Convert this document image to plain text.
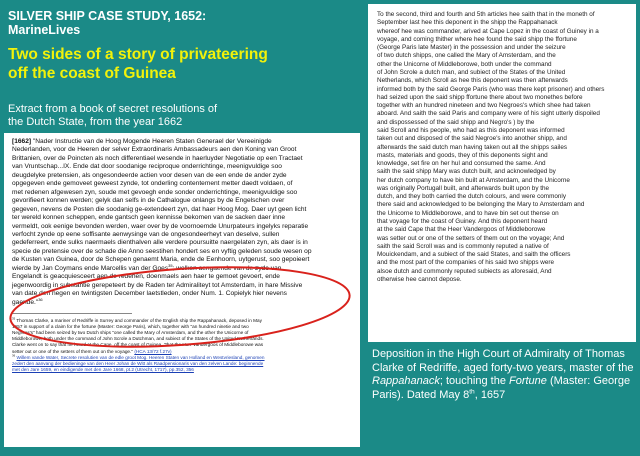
SILVER SHIP CASE STUDY, 1652:
MarineLives
Two sides of a story of privateering
off the coast of Guinea

Extract from a book of secret resolutions of
the Dutch State, from the year 1662

[1662] "Nader Instructie van de Hoog Mogende Heeren Staten Generael der Vereeinigde
Nederlanden, voor de Heeren der selver Extraordinaris Ambassadeurs aen den Koning van Groot
Brittanien, over de Poincten als noch differentiael wesende in haerluyder Negotiatie op een Tractaet
van Vruntschap...IX. Ende dat door soodanige reciproque onderrichtinge, meenigvuldige soo
deugdelyke pretensien, als ongesondeerde actien voor desen van de een ende de ander zyde
opgegeven ende gemoveet geweest zynde, tot onderling contentement metter daedt voldaen, of
met redenen afgewesen zyn, soude met gevoegh ende sonder onderrichtinge, meenigvuldige soo
gevorifieert konnen werden; gelyk dan selfs in de Cathalogue onlangs by de Engelschen over
gegeven, nevens de Posten die soodanig ge-extendeert zyn, dat haer Hoog Mog. Daer uyt geen licht
ter wereld konnen scheppen, ende gantsch geen kennisse bekomen van de sacken daer inne
vermeldt, ook eenige bevonden werden, waer over by de voornoemde Unurpateurs ingelyks reparatie
verfocht zynde op eene soffisante aenwysinge van de ongesondeerheyt van deselve, sullen
gedeferreert, ende sulks naermaels dienthalven alle verdere poursuitte naergelaten zyn, als daer is in
specie de pretensie over de schade die Anno seestihen hondert ses en vyftig geleden soude wesen op
de Kusten van Guinea, door de Schepen genaemt Maria, ende de Eenhoorn, uytgerust, soo gepoieert
wierde by Jan Coymans ende Marcellis van der Goes$^{35}$; welken aengaende van de zyde van
Engelandt is geacquiesceert aen de redenen, doenmaels aen haer te gemoet gevoert, ende
jegenwoordig in substantie gerepeteert by de Raden ter Admiraliteyt tot Amsterdam, in hare Missive
van date den negen en twintigsten December laetstleden, onder Num. 1. Copielyk hier nevens
gaende."$^{36}$

$^{35}$ Thomas Clarke, a mariner of Redriffe in Surrey and commander of the English ship the Rappahanack, deposed in May
1657 in support of a claim for the fortune (Master: George Paris), which, together with "an hundred ninetie and two
Negroes's" had been seized by two Dutch ships "one called the Mary of Amsterdam, and the other the Unicorne of
Middleborowe, both under the command of John Scrole a Dutchman, and subiect of the States of the United Netherlands.
Clarke went on to say that he heard at the Cape, off the coast of Guinea, "that the Herr Vandergoos of Middleborowe was
setter out or one of the setters of them out on the voyage." (HCA 13/72 f.27v)
$^{36}$ Willem vande Water, Secrete resolutien van de edle groot Mog. Heeren Staten van Holland en Westvriesland, genomen
zedert den aanvang der bedieninge van den Heer Johan de Witt als Raadpensionaris van den zelven Lande: beginnende
met den Jare 1659, en eindigende met den Jare 1668, pt.2 (Utrecht, 1717), pp.352, 356

To the second, third and fourth and 5th articles hee saith that in the moneth of
September last hee this deponent in the shipp the Rappahanack
whereof hee was commander, arived at Cape Lopez in the coast of Guiney in a
voyage, and coming thither where hee found the said shipp the ffortune
(George Paris late Master) in the possession and under the seizure
of two dutch shipps, one called the Mary of Amsterdam, and the
other the Unicorne of Middleborowe, both under the command
of John Scrole a dutch man, and subiect of the States of the United
Netherlands, which Scroll as hee this deponent was then afterwards
informed both by the said George Paris (who was there kept prisoner) and others
had seized upon the said shipp ffortune there about two monethes before
together with an hundred nineteen and two Negroes's which shee had taken
aboard. And saith the said Paris and company were of his sight utterly dispoiled
and dispossessed of the said shipp and Negro's ) by the
said Scroll and his people, who had as this deponent was informed
taken out and disposed of the said Negroe's into another shipp, and
afterwards the said dutch man having taken out all the shipps sailes
masts, materials and goods, they of this deponents sight and
knowledge, set fire on her hul and consumed the same. And
saith the said shipp Mary was dutch built, and acknowledged by
her dutch company to have bin built at Amsterdam, and the Unicorne
was originally Portugall built, and afterwards built upon by the
dutch, and they both carried the dutch colours, and were commonly
there said and acknowledged to be belonging the Mary to Amsterdam and
the Unicorne to Middleborowe, and to have bin set out thense on
that voyage for the coast of Guiney. And this deponent heard
at the said Cape that the Heer Vandergoos of Middleborowe
was setter out or one of the setters of them out on the voyage; And
saith the said Scroll was and is commonly reputed a native of
Mouickendam, and a subiect of the said States, and saith the officers
and the most part of the companies of his said two shipps were
alsoe dutch and commonly reputed subiects as aforesaid, And
otherwise hee cannot depose.

Deposition in the High Court of Admiralty of Thomas
Clarke of Redriffe, aged forty-two years, master of the
Rappahanack; touching the Fortune (Master: George
Paris). Dated May 8th, 1657
